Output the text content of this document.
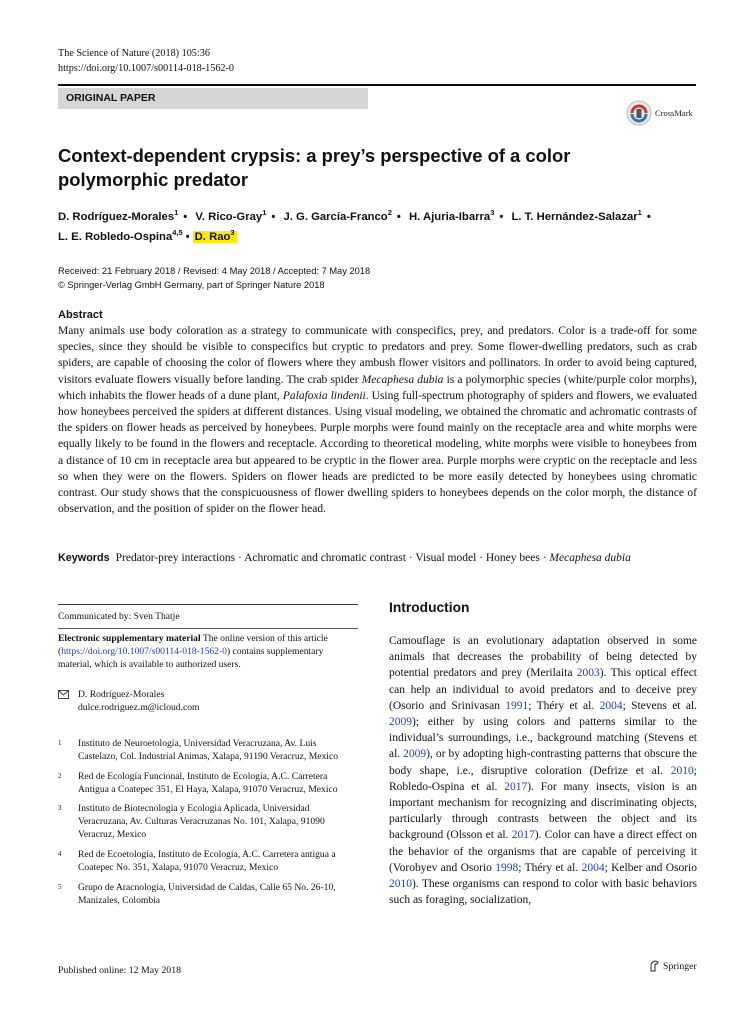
The Science of Nature (2018) 105:36
https://doi.org/10.1007/s00114-018-1562-0
ORIGINAL PAPER
CrossMark
Context-dependent crypsis: a prey’s perspective of a color polymorphic predator
D. Rodríguez-Morales$^1$ • V. Rico-Gray$^1$ • J. G. García-Franco$^2$ • H. Ajuria-Ibarra$^3$ • L. T. Hernández-Salazar$^1$ •
L. E. Robledo-Ospina$^{4,5}$ • D. Rao$^3$
Received: 21 February 2018 / Revised: 4 May 2018 / Accepted: 7 May 2018
© Springer-Verlag GmbH Germany, part of Springer Nature 2018
Abstract
Many animals use body coloration as a strategy to communicate with conspecifics, prey, and predators. Color is a trade-off for some species, since they should be visible to conspecifics but cryptic to predators and prey. Some flower-dwelling predators, such as crab spiders, are capable of choosing the color of flowers where they ambush flower visitors and pollinators. In order to avoid being captured, visitors evaluate flowers visually before landing. The crab spider Mecaphesa dubia is a polymorphic species (white/purple color morphs), which inhabits the flower heads of a dune plant, Palafoxia lindenii. Using full-spectrum photography of spiders and flowers, we evaluated how honeybees perceived the spiders at different distances. Using visual modeling, we obtained the chromatic and achromatic contrasts of the spiders on flower heads as perceived by honeybees. Purple morphs were found mainly on the receptacle area and white morphs were equally likely to be found in the flowers and receptacle. According to theoretical modeling, white morphs were visible to honeybees from a distance of 10 cm in receptacle area but appeared to be cryptic in the flower area. Purple morphs were cryptic on the receptacle and less so when they were on the flowers. Spiders on flower heads are predicted to be more easily detected by honeybees using chromatic contrast. Our study shows that the conspicuousness of flower dwelling spiders to honeybees depends on the color morph, the distance of observation, and the position of spider on the flower head.
Keywords Predator-prey interactions · Achromatic and chromatic contrast · Visual model · Honey bees · Mecaphesa dubia
Communicated by: Sven Thatje
Electronic supplementary material The online version of this article (https://doi.org/10.1007/s00114-018-1562-0) contains supplementary material, which is available to authorized users.
D. Rodríguez-Morales
dulce.rodriguez.m@icloud.com
1	Instituto de Neuroetología, Universidad Veracruzana, Av. Luis Castelazo, Col. Industrial Animas, Xalapa, 91190 Veracruz, Mexico
2	Red de Ecología Funcional, Instituto de Ecología, A.C. Carretera Antigua a Coatepec 351, El Haya, Xalapa, 91070 Veracruz, Mexico
3	Instituto de Biotecnologia y Ecologia Aplicada, Universidad Veracruzana, Av. Culturas Veracruzanas No. 101, Xalapa, 91090 Veracruz, Mexico
4	Red de Ecoetología, Instituto de Ecología, A.C. Carretera antigua a Coatepec No. 351, Xalapa, 91070 Veracruz, Mexico
5	Grupo de Aracnología, Universidad de Caldas, Calle 65 No. 26-10, Manizales, Colombia
Published online: 12 May 2018	Springer
Introduction
Camouflage is an evolutionary adaptation observed in some animals that decreases the probability of being detected by potential predators and prey (Merilaita 2003). This optical effect can help an individual to avoid predators and to deceive prey (Osorio and Srinivasan 1991; Théry et al. 2004; Stevens et al. 2009); either by using colors and patterns similar to the individual’s surroundings, i.e., background matching (Stevens et al. 2009), or by adopting high-contrasting patterns that obscure the body shape, i.e., disruptive coloration (Defrize et al. 2010; Robledo-Ospina et al. 2017). For many insects, vision is an important mechanism for recognizing and discriminating objects, particularly through contrasts between the object and its background (Olsson et al. 2017). Color can have a direct effect on the behavior of the organisms that are capable of perceiving it (Vorobyev and Osorio 1998; Théry et al. 2004; Kelber and Osorio 2010). These organisms can respond to color with basic behaviors such as foraging, socialization,
